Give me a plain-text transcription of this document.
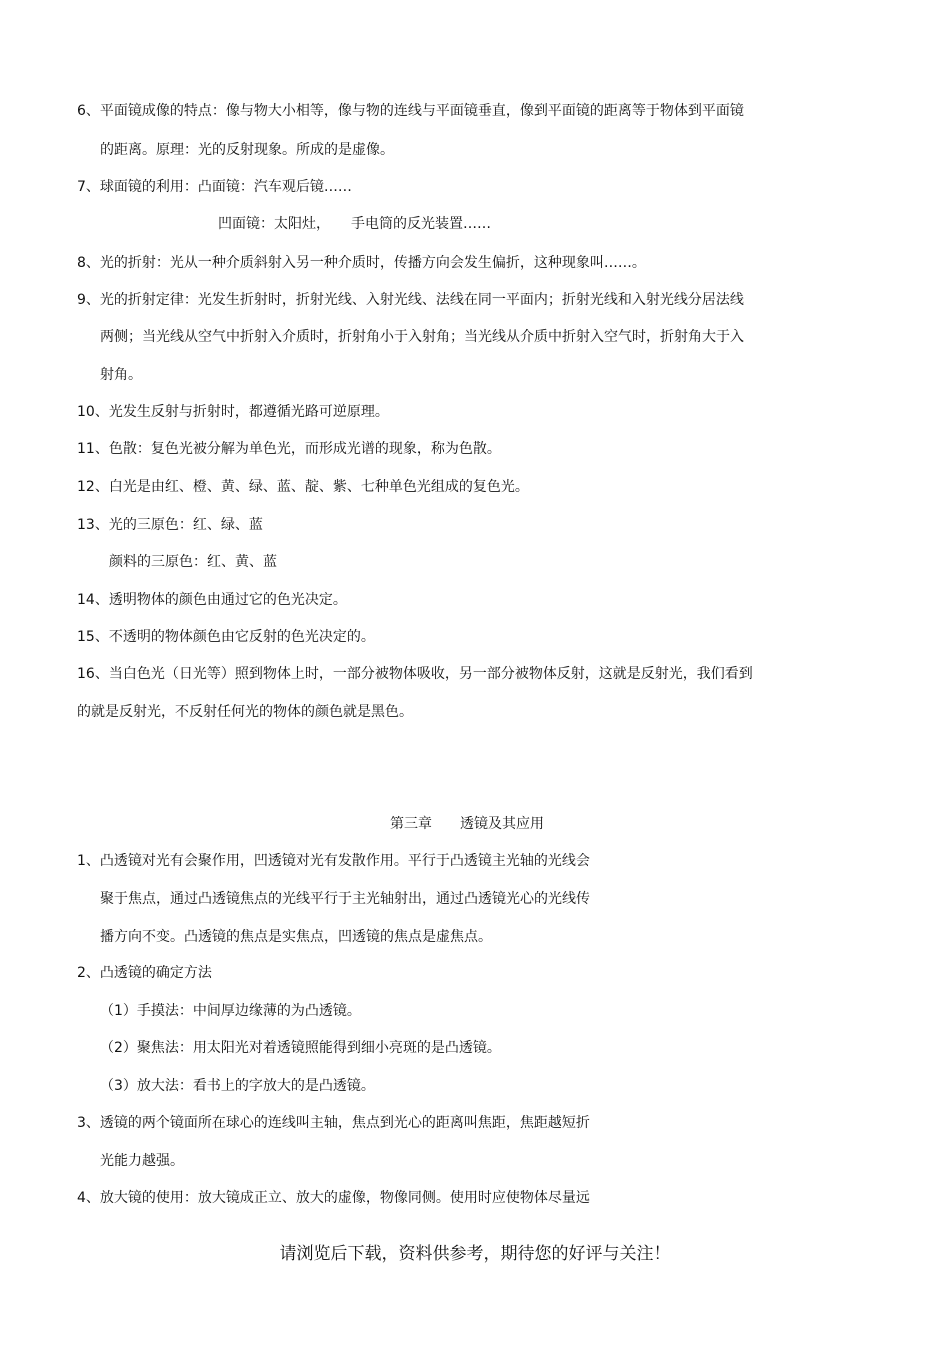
6、平面镜成像的特点：像与物大小相等，像与物的连线与平面镜垂直，像到平面镜的距离等于物体到平面镜
的距离。原理：光的反射现象。所成的是虚像。
7、球面镜的利用：凸面镜：汽车观后镜……
凹面镜：太阳灶，　　手电筒的反光装置……
8、光的折射：光从一种介质斜射入另一种介质时，传播方向会发生偏折，这种现象叫……。
9、光的折射定律：光发生折射时，折射光线、入射光线、法线在同一平面内；折射光线和入射光线分居法线
两侧；当光线从空气中折射入介质时，折射角小于入射角；当光线从介质中折射入空气时，折射角大于入
射角。
10、光发生反射与折射时，都遵循光路可逆原理。
11、色散：复色光被分解为单色光，而形成光谱的现象，称为色散。
12、白光是由红、橙、黄、绿、蓝、靛、紫、七种单色光组成的复色光。
13、光的三原色：红、绿、蓝
颜料的三原色：红、黄、蓝
14、透明物体的颜色由通过它的色光决定。
15、不透明的物体颜色由它反射的色光决定的。
16、当白色光（日光等）照到物体上时，一部分被物体吸收，另一部分被物体反射，这就是反射光，我们看到
的就是反射光，不反射任何光的物体的颜色就是黑色。
第三章　　透镜及其应用
1、凸透镜对光有会聚作用，凹透镜对光有发散作用。平行于凸透镜主光轴的光线会
聚于焦点，通过凸透镜焦点的光线平行于主光轴射出，通过凸透镜光心的光线传
播方向不变。凸透镜的焦点是实焦点，凹透镜的焦点是虚焦点。
2、凸透镜的确定方法
（1）手摸法：中间厚边缘薄的为凸透镜。
（2）聚焦法：用太阳光对着透镜照能得到细小亮斑的是凸透镜。
（3）放大法：看书上的字放大的是凸透镜。
3、透镜的两个镜面所在球心的连线叫主轴，焦点到光心的距离叫焦距，焦距越短折
光能力越强。
4、放大镜的使用：放大镜成正立、放大的虚像，物像同侧。使用时应使物体尽量远
请浏览后下载，资料供参考，期待您的好评与关注！
